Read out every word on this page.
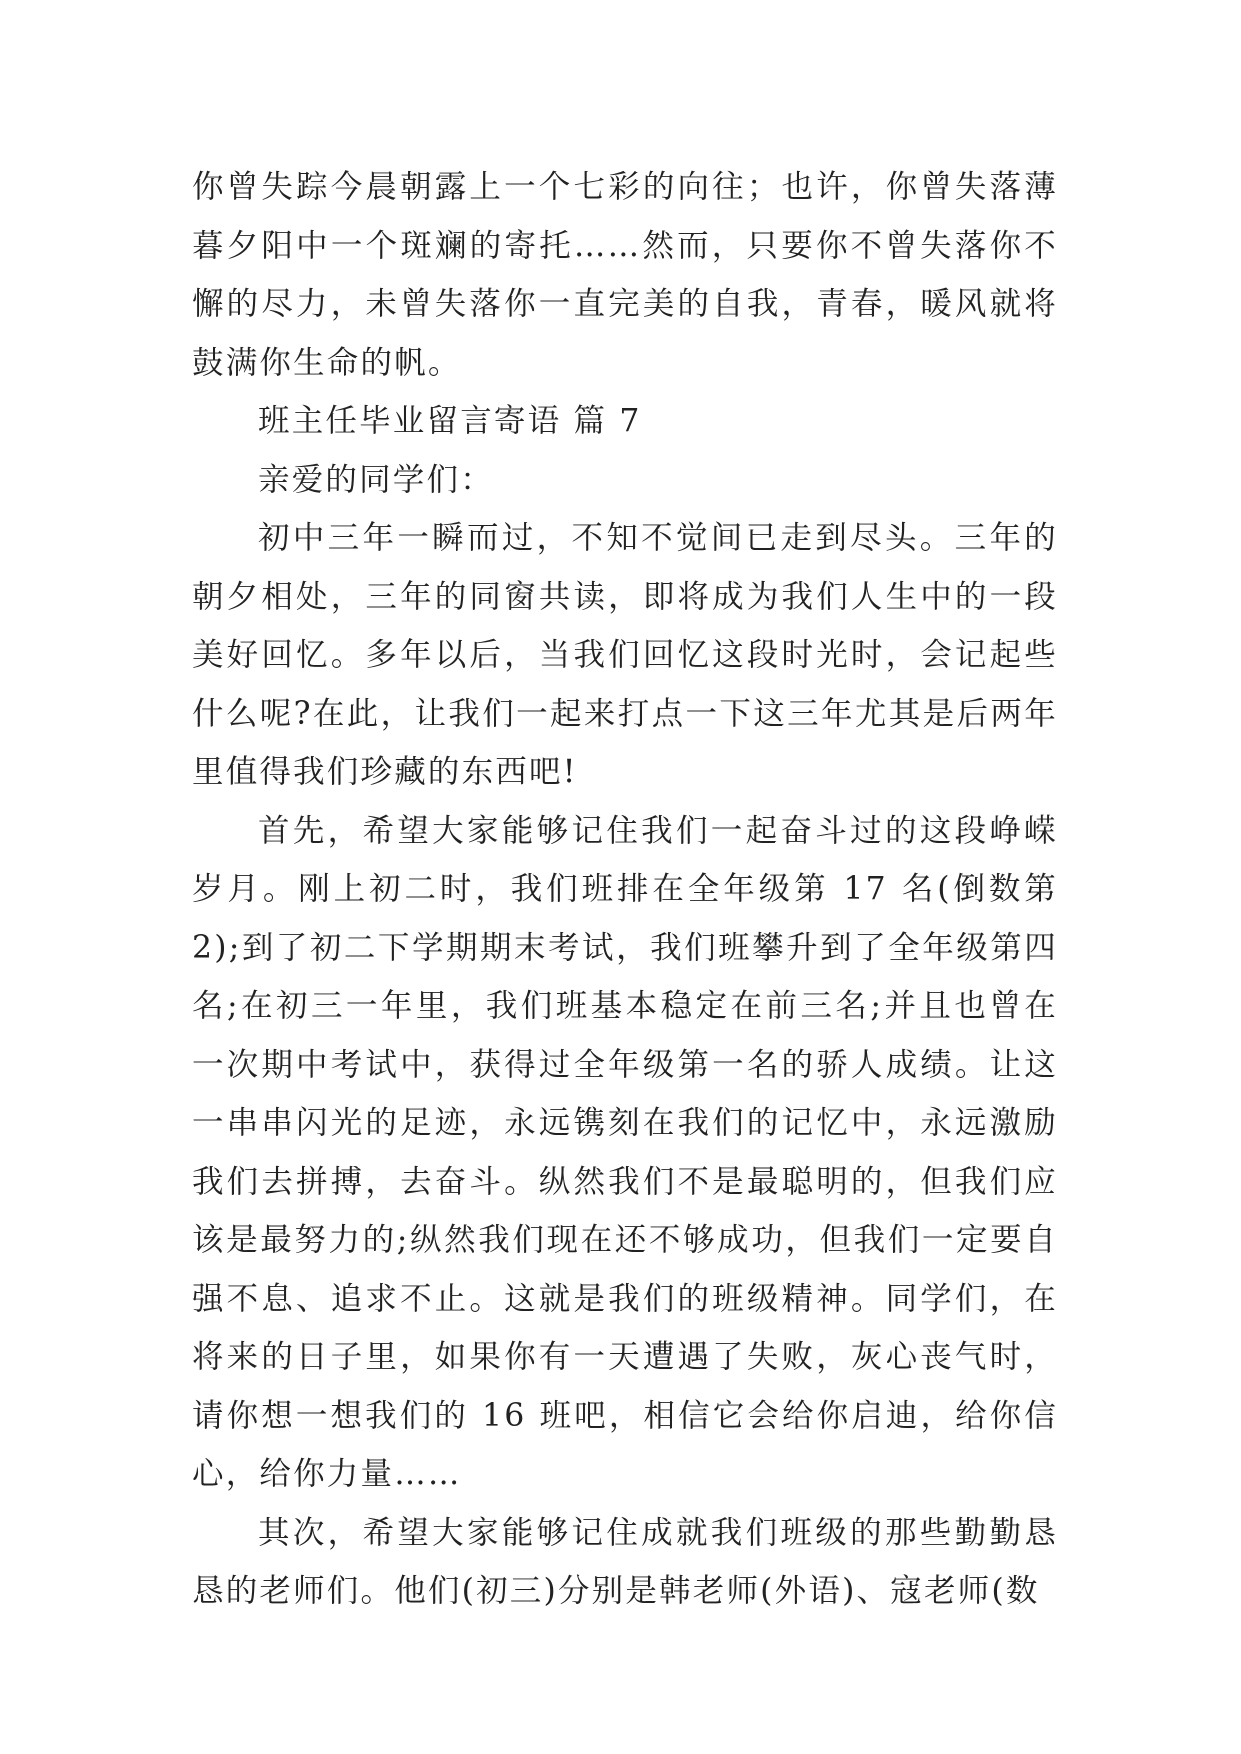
你曾失踪今晨朝露上一个七彩的向往；也许，你曾失落薄暮夕阳中一个斑斓的寄托……然而，只要你不曾失落你不懈的尽力，未曾失落你一直完美的自我，青春，暖风就将鼓满你生命的帆。

班主任毕业留言寄语 篇 7

亲爱的同学们：

初中三年一瞬而过，不知不觉间已走到尽头。三年的朝夕相处，三年的同窗共读，即将成为我们人生中的一段美好回忆。多年以后，当我们回忆这段时光时，会记起些什么呢?在此，让我们一起来打点一下这三年尤其是后两年里值得我们珍藏的东西吧!

首先，希望大家能够记住我们一起奋斗过的这段峥嵘岁月。刚上初二时，我们班排在全年级第 17 名(倒数第 2);到了初二下学期期末考试，我们班攀升到了全年级第四名;在初三一年里，我们班基本稳定在前三名;并且也曾在一次期中考试中，获得过全年级第一名的骄人成绩。让这一串串闪光的足迹，永远镌刻在我们的记忆中，永远激励我们去拼搏，去奋斗。纵然我们不是最聪明的，但我们应该是最努力的;纵然我们现在还不够成功，但我们一定要自强不息、追求不止。这就是我们的班级精神。同学们，在将来的日子里，如果你有一天遭遇了失败，灰心丧气时，请你想一想我们的 16 班吧，相信它会给你启迪，给你信心，给你力量……

其次，希望大家能够记住成就我们班级的那些勤勤恳恳的老师们。他们(初三)分别是韩老师(外语)、寇老师(数
